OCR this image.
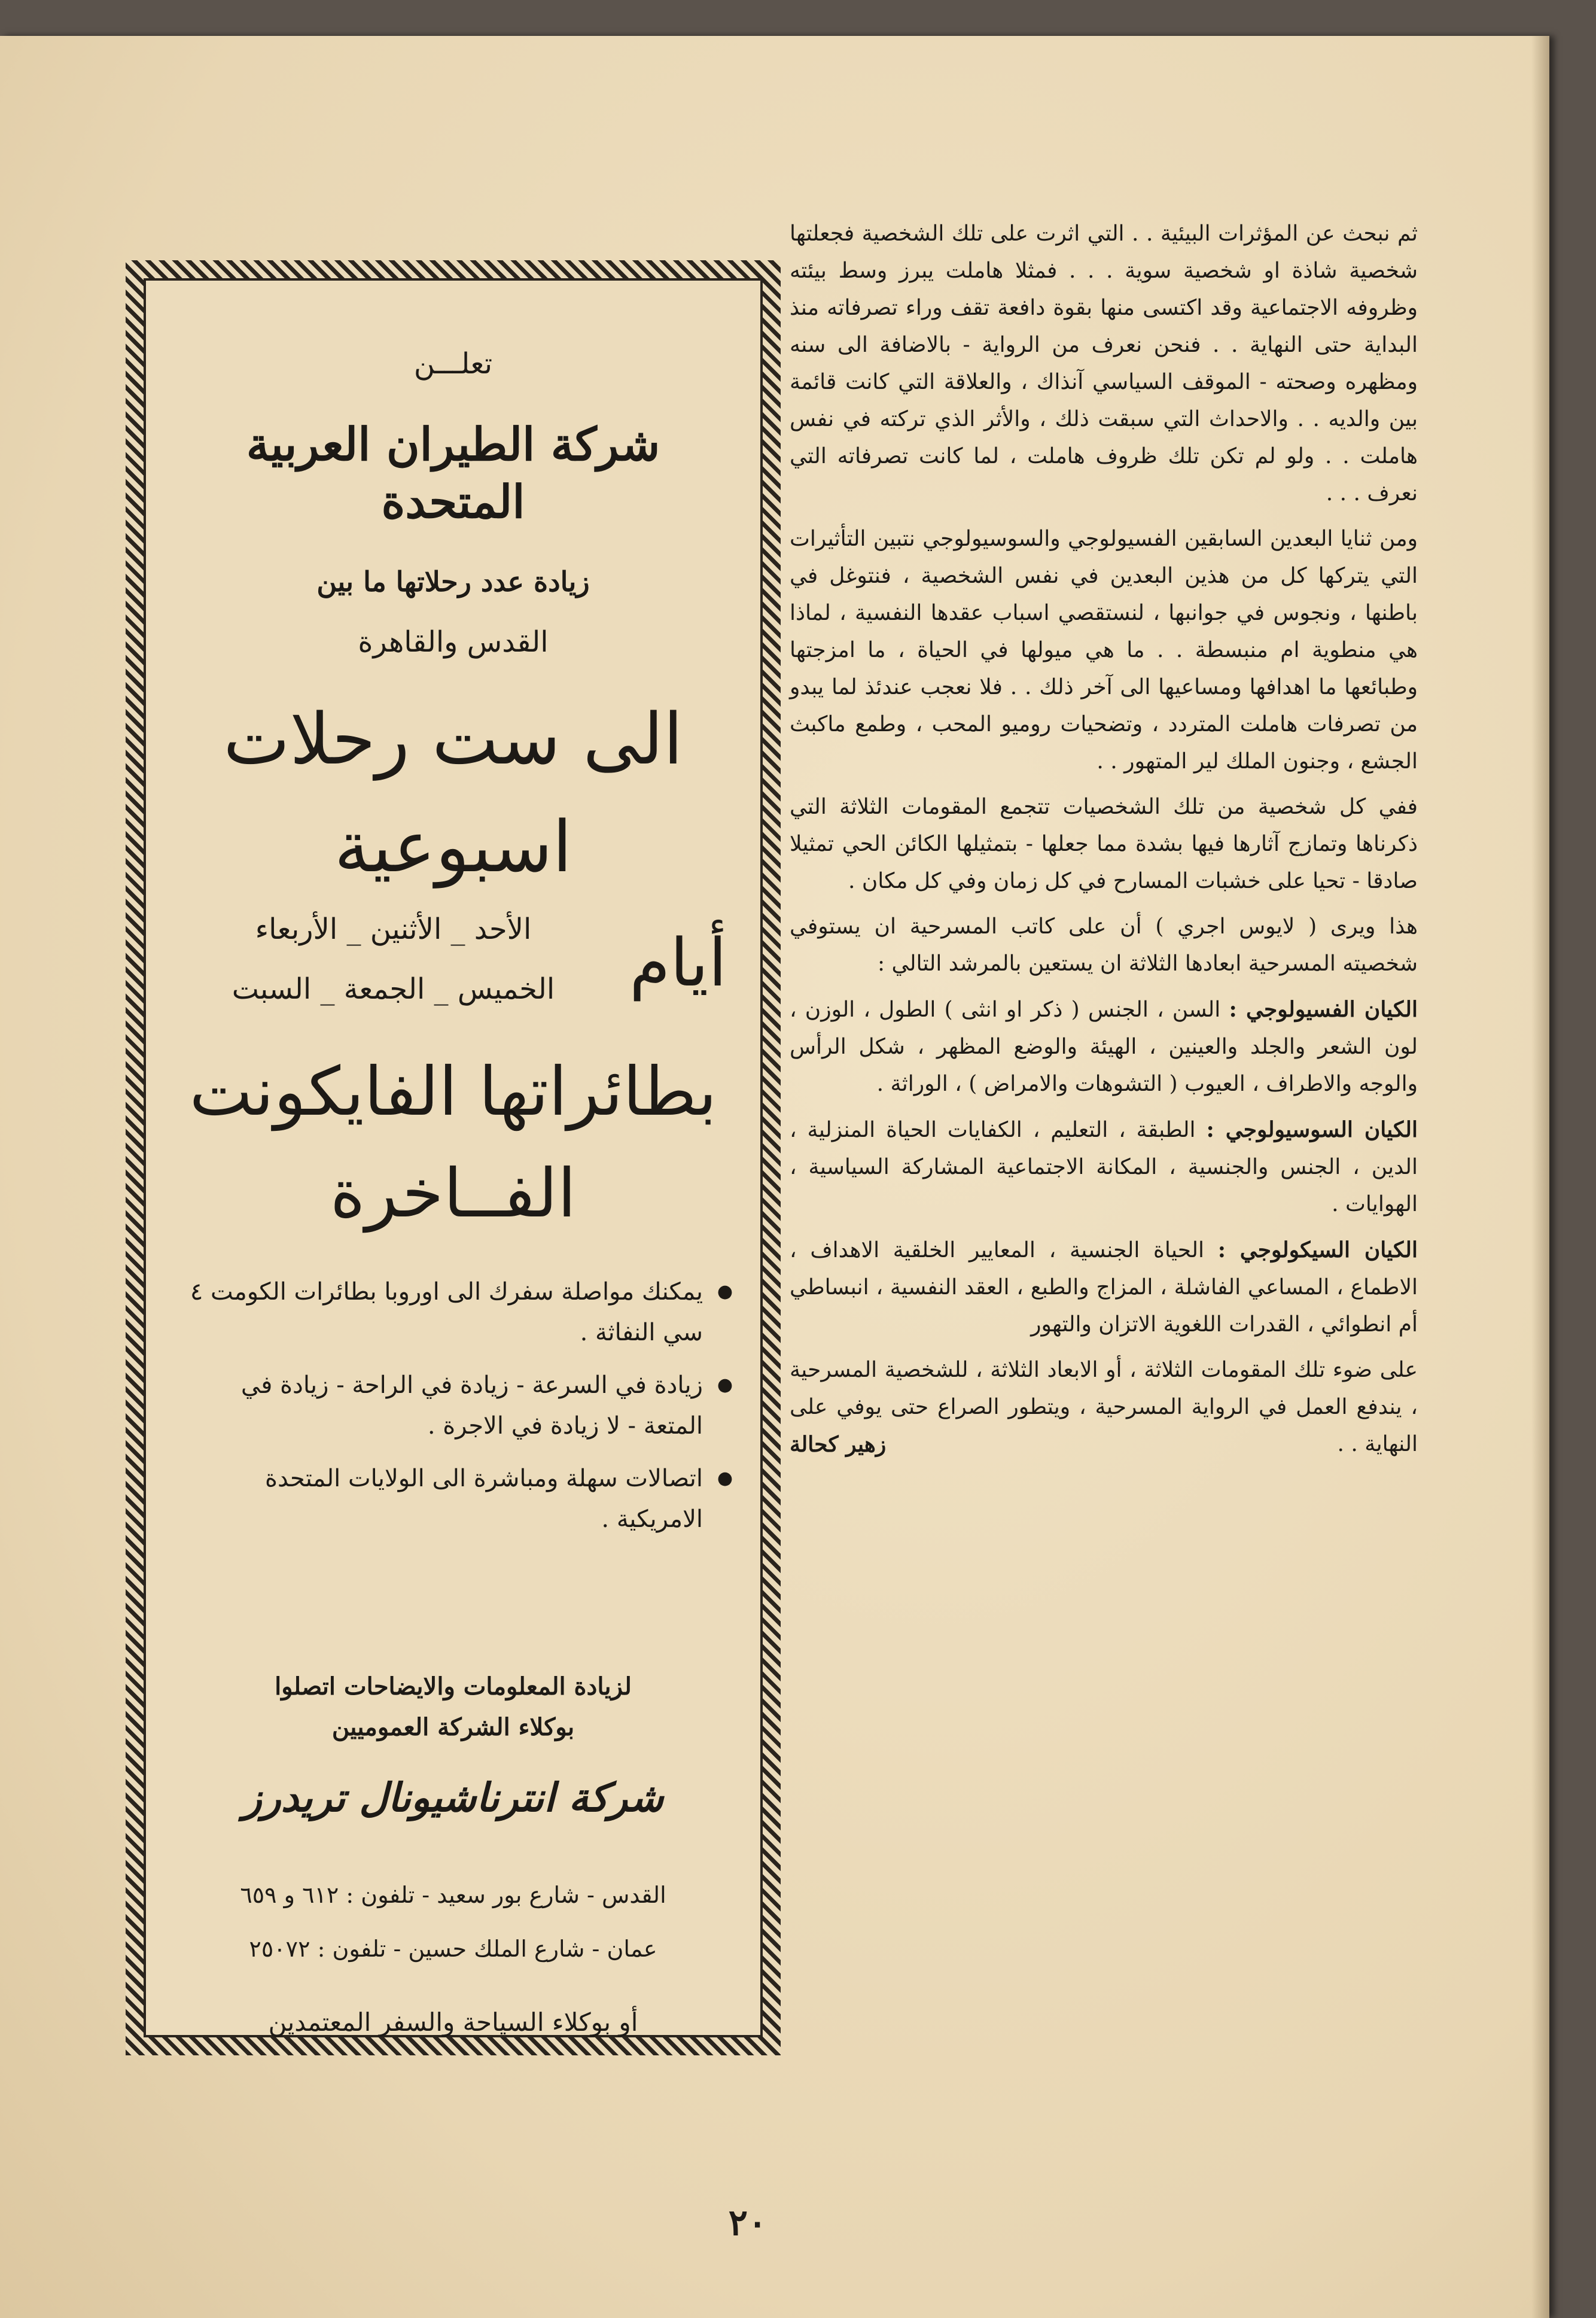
ثم نبحث عن المؤثرات البيئية . . التي اثرت على تلك الشخصية فجعلتها شخصية شاذة او شخصية سوية . . . فمثلا هاملت يبرز وسط بيئته وظروفه الاجتماعية وقد اكتسى منها بقوة دافعة تقف وراء تصرفاته منذ البداية حتى النهاية . . فنحن نعرف من الرواية - بالاضافة الى سنه ومظهره وصحته - الموقف السياسي آنذاك ، والعلاقة التي كانت قائمة بين والديه . . والاحداث التي سبقت ذلك ، والأثر الذي تركته في نفس هاملت . . ولو لم تكن تلك ظروف هاملت ، لما كانت تصرفاته التي نعرف . . .

ومن ثنايا البعدين السابقين الفسيولوجي والسوسيولوجي نتبين التأثيرات التي يتركها كل من هذين البعدين في نفس الشخصية ، فنتوغل في باطنها ، ونجوس في جوانبها ، لنستقصي اسباب عقدها النفسية ، لماذا هي منطوية ام منبسطة . . ما هي ميولها في الحياة ، ما امزجتها وطبائعها ما اهدافها ومساعيها الى آخر ذلك . . فلا نعجب عندئذ لما يبدو من تصرفات هاملت المتردد ، وتضحيات روميو المحب ، وطمع ماكبث الجشع ، وجنون الملك لير المتهور . .

ففي كل شخصية من تلك الشخصيات تتجمع المقومات الثلاثة التي ذكرناها وتمازج آثارها فيها بشدة مما جعلها - بتمثيلها الكائن الحي تمثيلا صادقا - تحيا على خشبات المسارح في كل زمان وفي كل مكان .

هذا ويرى ( لايوس اجري ) أن على كاتب المسرحية ان يستوفي شخصيته المسرحية ابعادها الثلاثة ان يستعين بالمرشد التالي :

الكيان الفسيولوجي : السن ، الجنس ( ذكر او انثى ) الطول ، الوزن ، لون الشعر والجلد والعينين ، الهيئة والوضع المظهر ، شكل الرأس والوجه والاطراف ، العيوب ( التشوهات والامراض ) ، الوراثة .

الكيان السوسيولوجي : الطبقة ، التعليم ، الكفايات الحياة المنزلية ، الدين ، الجنس والجنسية ، المكانة الاجتماعية المشاركة السياسية ، الهوايات .

الكيان السيكولوجي : الحياة الجنسية ، المعايير الخلقية الاهداف ، الاطماع ، المساعي الفاشلة ، المزاج والطبع ، العقد النفسية ، انبساطي أم انطوائي ، القدرات اللغوية الاتزان والتهور

على ضوء تلك المقومات الثلاثة ، أو الابعاد الثلاثة ، للشخصية المسرحية ، يندفع العمل في الرواية المسرحية ، ويتطور الصراع حتى يوفي على النهاية . .
زهير كحالة

تعلـــن
شركة الطيران العربية
المتحدة
زيادة عدد رحلاتها ما بين
القدس والقاهرة
الى ست رحلات
اسبوعية
أيام
الأحد _ الأثنين _ الأربعاء
الخميس _ الجمعة _ السبت
بطائراتها الفايكونت
الفــاخرة
● يمكنك مواصلة سفرك الى اوروبا بطائرات الكومت ٤ سي النفاثة .
● زيادة في السرعة - زيادة في الراحة - زيادة في المتعة - لا زيادة في الاجرة .
● اتصالات سهلة ومباشرة الى الولايات المتحدة الامريكية .
لزيادة المعلومات والايضاحات اتصلوا
بوكلاء الشركة العموميين
شركة انترناشيونال تريدرز
القدس - شارع بور سعيد - تلفون : ٦١٢ و ٦٥٩
عمان - شارع الملك حسين - تلفون : ٢٥٠٧٢
أو بوكلاء السياحة والسفر المعتمدين
٢٠
